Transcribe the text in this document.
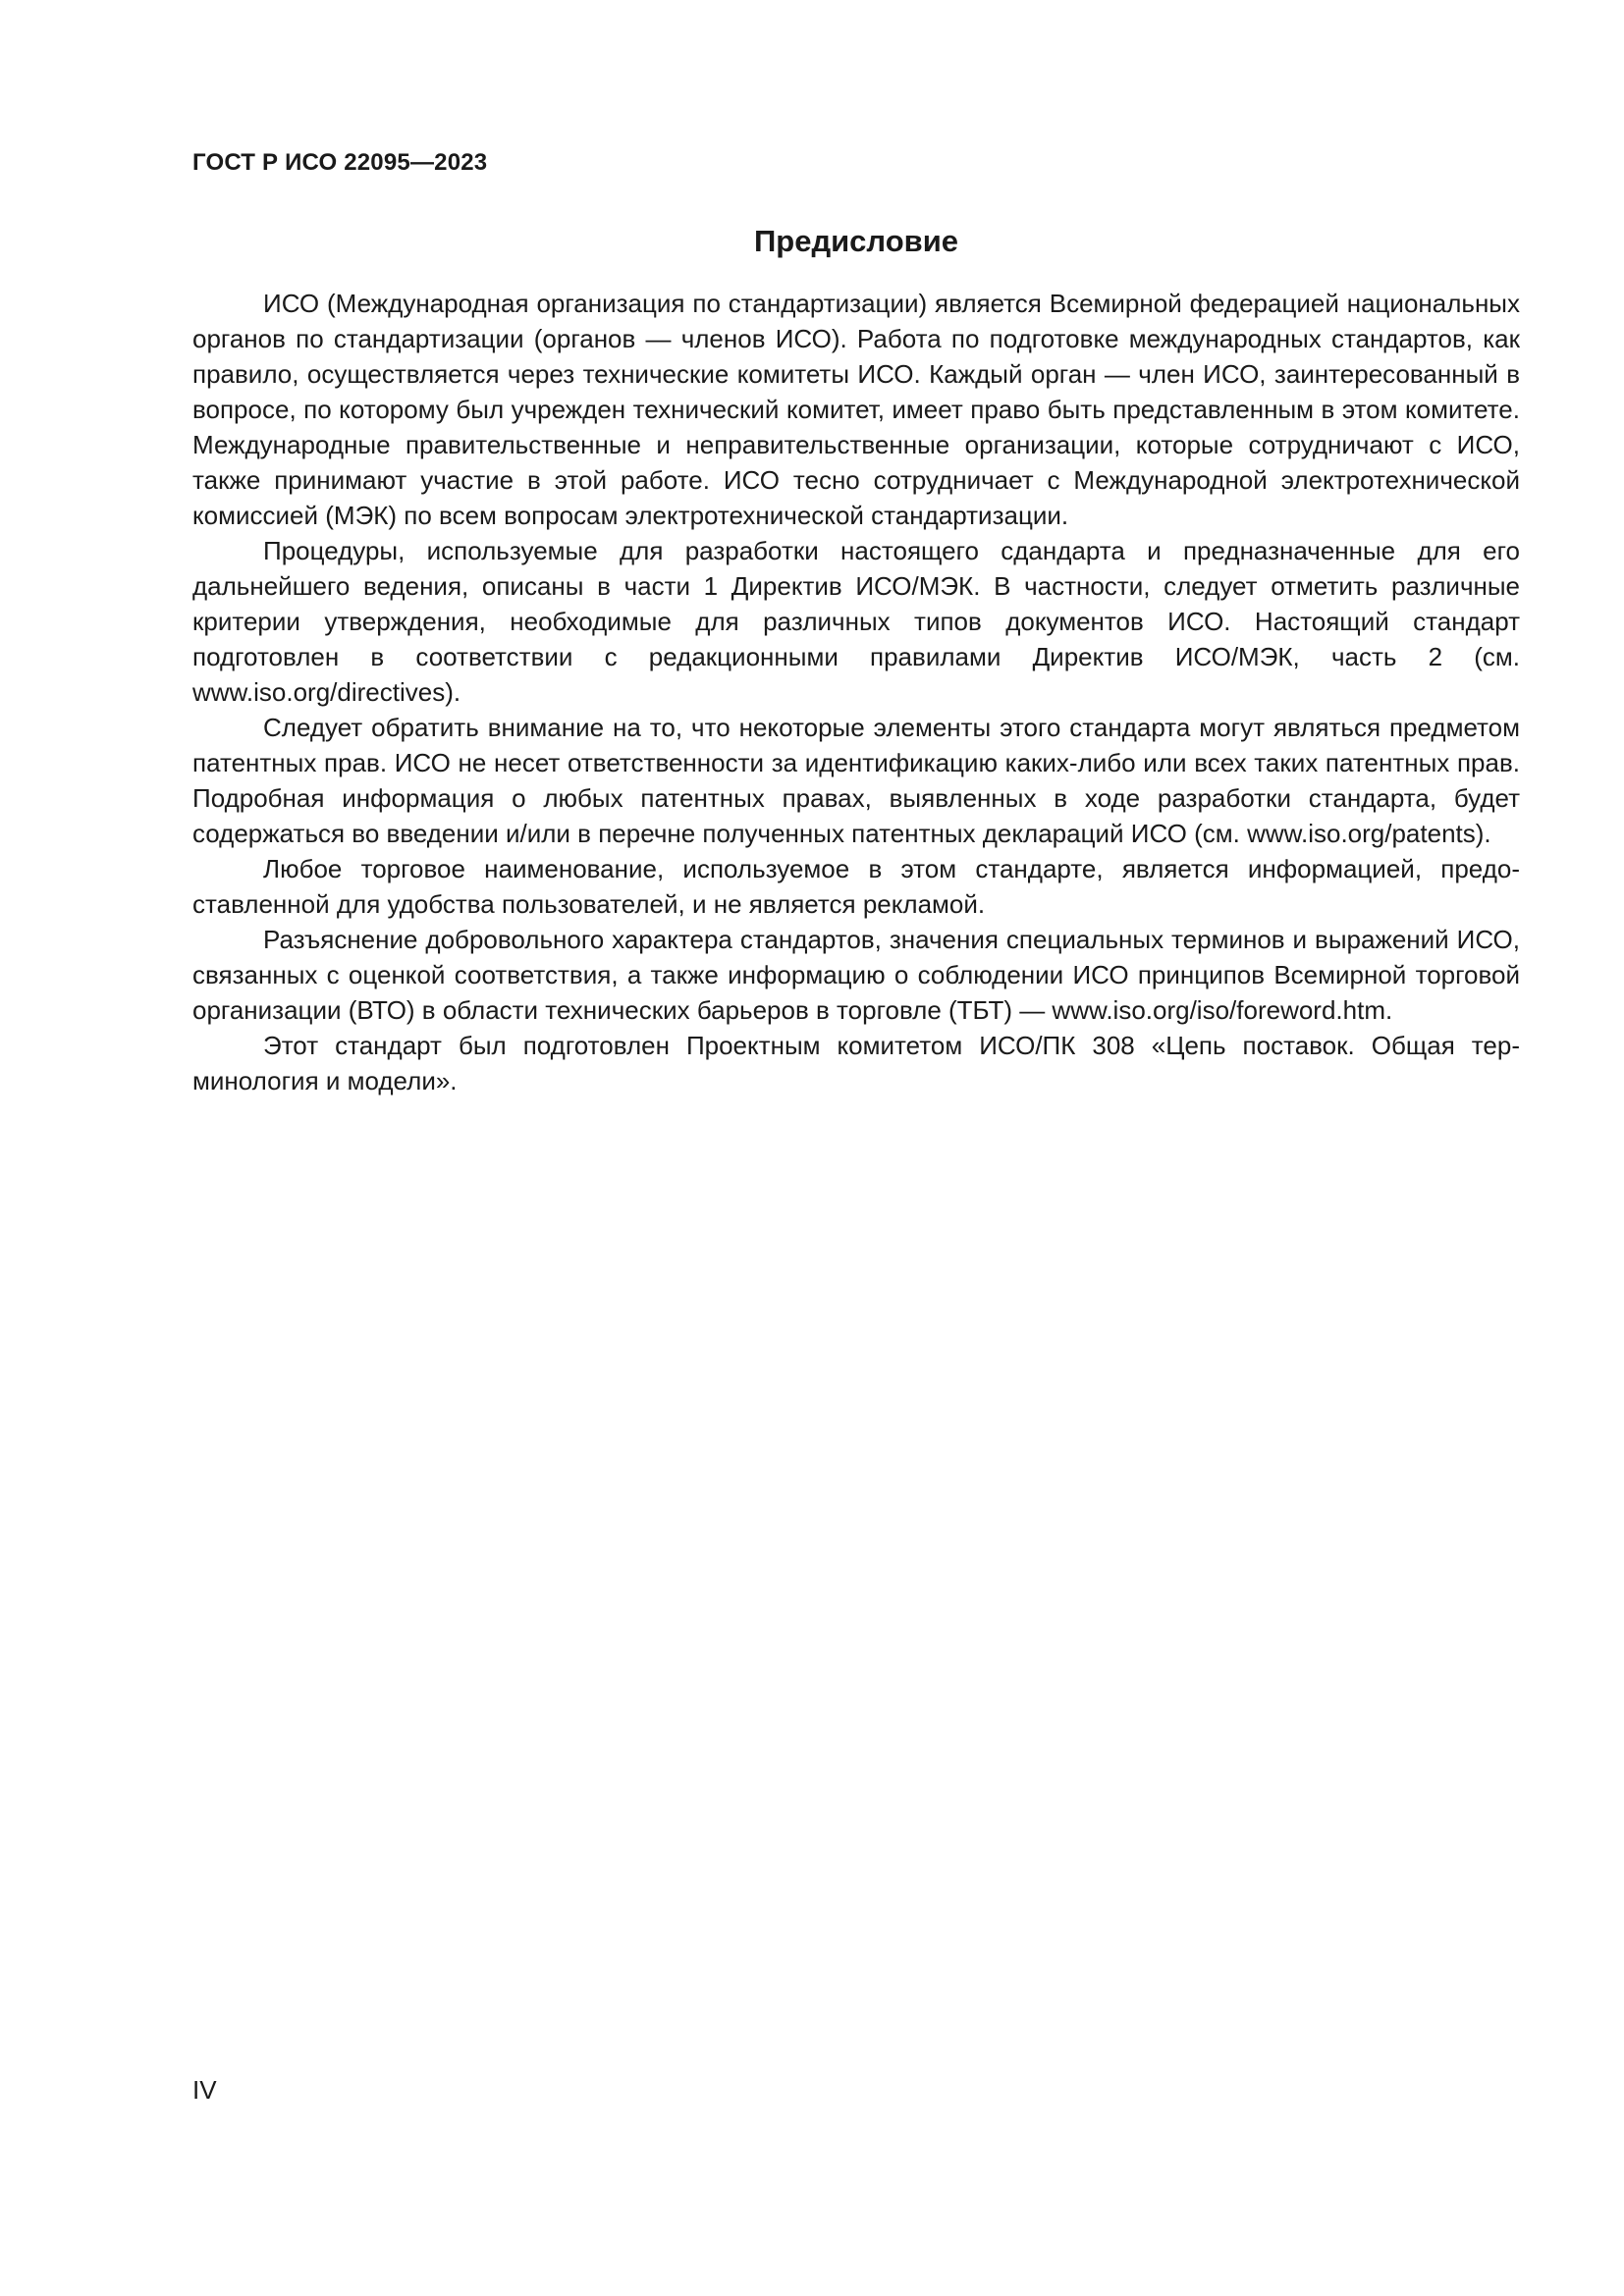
ГОСТ Р ИСО 22095—2023
Предисловие

ИСО (Международная организация по стандартизации) является Всемирной федерацией национальных органов по стандартизации (органов — членов ИСО). Работа по подготовке международных стандартов, как правило, осуществляется через технические комитеты ИСО. Каждый орган — член ИСО, заинтересованный в вопросе, по которому был учрежден технический комитет, имеет право быть представленным в этом комитете. Международные правительственные и неправительственные организации, которые сотрудничают с ИСО, также принимают участие в этой работе. ИСО тесно сотрудничает с Международной электротехнической комиссией (МЭК) по всем вопросам электротехнической стандартизации.

Процедуры, используемые для разработки настоящего сдандарта и предназначенные для его дальнейшего ведения, описаны в части 1 Директив ИСО/МЭК. В частности, следует отметить различные критерии утверждения, необходимые для различных типов документов ИСО. Настоящий стандарт подготовлен в соответствии с редакционными правилами Директив ИСО/МЭК, часть 2 (см. www.iso.org/directives).

Следует обратить внимание на то, что некоторые элементы этого стандарта могут являться предметом патентных прав. ИСО не несет ответственности за идентификацию каких-либо или всех таких патентных прав. Подробная информация о любых патентных правах, выявленных в ходе разработки стандарта, будет содержаться во введении и/или в перечне полученных патентных деклараций ИСО (см. www.iso.org/patents).

Любое торговое наименование, используемое в этом стандарте, является информацией, предоставленной для удобства пользователей, и не является рекламой.

Разъяснение добровольного характера стандартов, значения специальных терминов и выражений ИСО, связанных с оценкой соответствия, а также информацию о соблюдении ИСО принципов Всемирной торговой организации (ВТО) в области технических барьеров в торговле (ТБТ) — www.iso.org/iso/foreword.htm.

Этот стандарт был подготовлен Проектным комитетом ИСО/ПК 308 «Цепь поставок. Общая терминология и модели».

IV
